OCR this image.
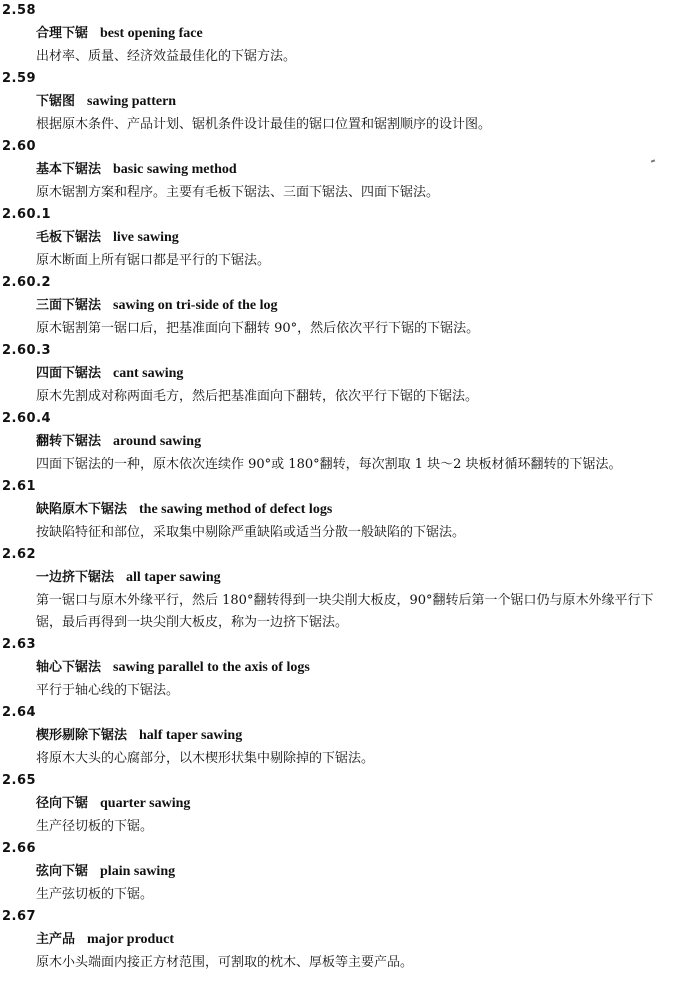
2.58
合理下锯 best opening face
出材率、质量、经济效益最佳化的下锯方法。
2.59
下锯图 sawing pattern
根据原木条件、产品计划、锯机条件设计最佳的锯口位置和锯割顺序的设计图。
2.60
基本下锯法 basic sawing method
原木锯割方案和程序。主要有毛板下锯法、三面下锯法、四面下锯法。
2.60.1
毛板下锯法 live sawing
原木断面上所有锯口都是平行的下锯法。
2.60.2
三面下锯法 sawing on tri-side of the log
原木锯割第一锯口后，把基准面向下翻转 90°，然后依次平行下锯的下锯法。
2.60.3
四面下锯法 cant sawing
原木先割成对称两面毛方，然后把基准面向下翻转，依次平行下锯的下锯法。
2.60.4
翻转下锯法 around sawing
四面下锯法的一种，原木依次连续作 90°或 180°翻转，每次割取 1 块～2 块板材循环翻转的下锯法。
2.61
缺陷原木下锯法 the sawing method of defect logs
按缺陷特征和部位，采取集中剔除严重缺陷或适当分散一般缺陷的下锯法。
2.62
一边挤下锯法 all taper sawing
第一锯口与原木外缘平行，然后 180°翻转得到一块尖削大板皮，90°翻转后第一个锯口仍与原木外缘平行下锯，最后再得到一块尖削大板皮，称为一边挤下锯法。
2.63
轴心下锯法 sawing parallel to the axis of logs
平行于轴心线的下锯法。
2.64
楔形剔除下锯法 half taper sawing
将原木大头的心腐部分，以木楔形状集中剔除掉的下锯法。
2.65
径向下锯 quarter sawing
生产径切板的下锯。
2.66
弦向下锯 plain sawing
生产弦切板的下锯。
2.67
主产品 major product
原木小头端面内接正方材范围，可割取的枕木、厚板等主要产品。
